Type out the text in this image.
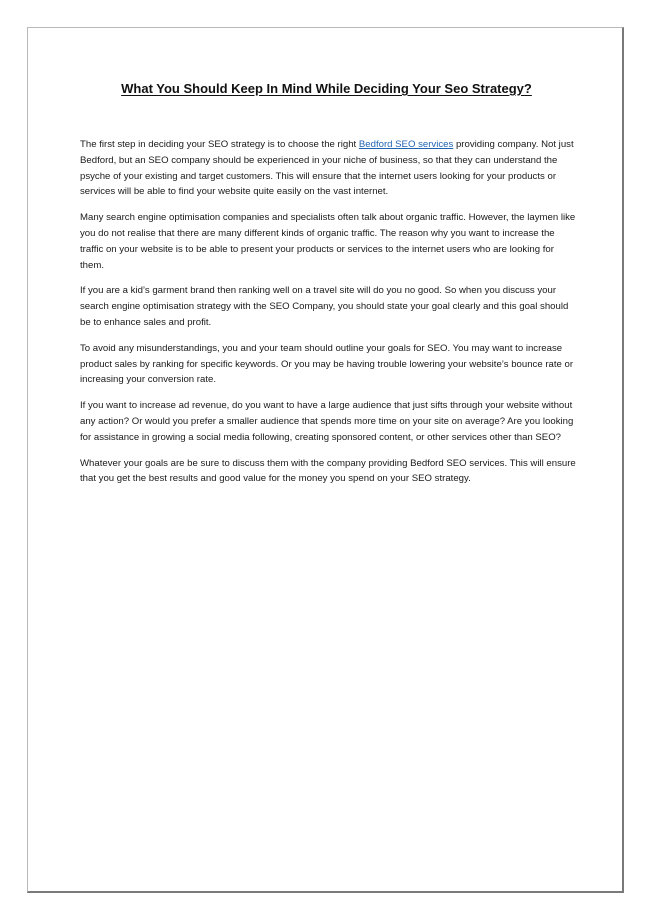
What You Should Keep In Mind While Deciding Your Seo Strategy?

The first step in deciding your SEO strategy is to choose the right Bedford SEO services providing company. Not just Bedford, but an SEO company should be experienced in your niche of business, so that they can understand the psyche of your existing and target customers. This will ensure that the internet users looking for your products or services will be able to find your website quite easily on the vast internet.

Many search engine optimisation companies and specialists often talk about organic traffic. However, the laymen like you do not realise that there are many different kinds of organic traffic. The reason why you want to increase the traffic on your website is to be able to present your products or services to the internet users who are looking for them.

If you are a kid’s garment brand then ranking well on a travel site will do you no good. So when you discuss your search engine optimisation strategy with the SEO Company, you should state your goal clearly and this goal should be to enhance sales and profit.

To avoid any misunderstandings, you and your team should outline your goals for SEO. You may want to increase product sales by ranking for specific keywords. Or you may be having trouble lowering your website’s bounce rate or increasing your conversion rate.

If you want to increase ad revenue, do you want to have a large audience that just sifts through your website without any action? Or would you prefer a smaller audience that spends more time on your site on average? Are you looking for assistance in growing a social media following, creating sponsored content, or other services other than SEO?

Whatever your goals are be sure to discuss them with the company providing Bedford SEO services. This will ensure that you get the best results and good value for the money you spend on your SEO strategy.
